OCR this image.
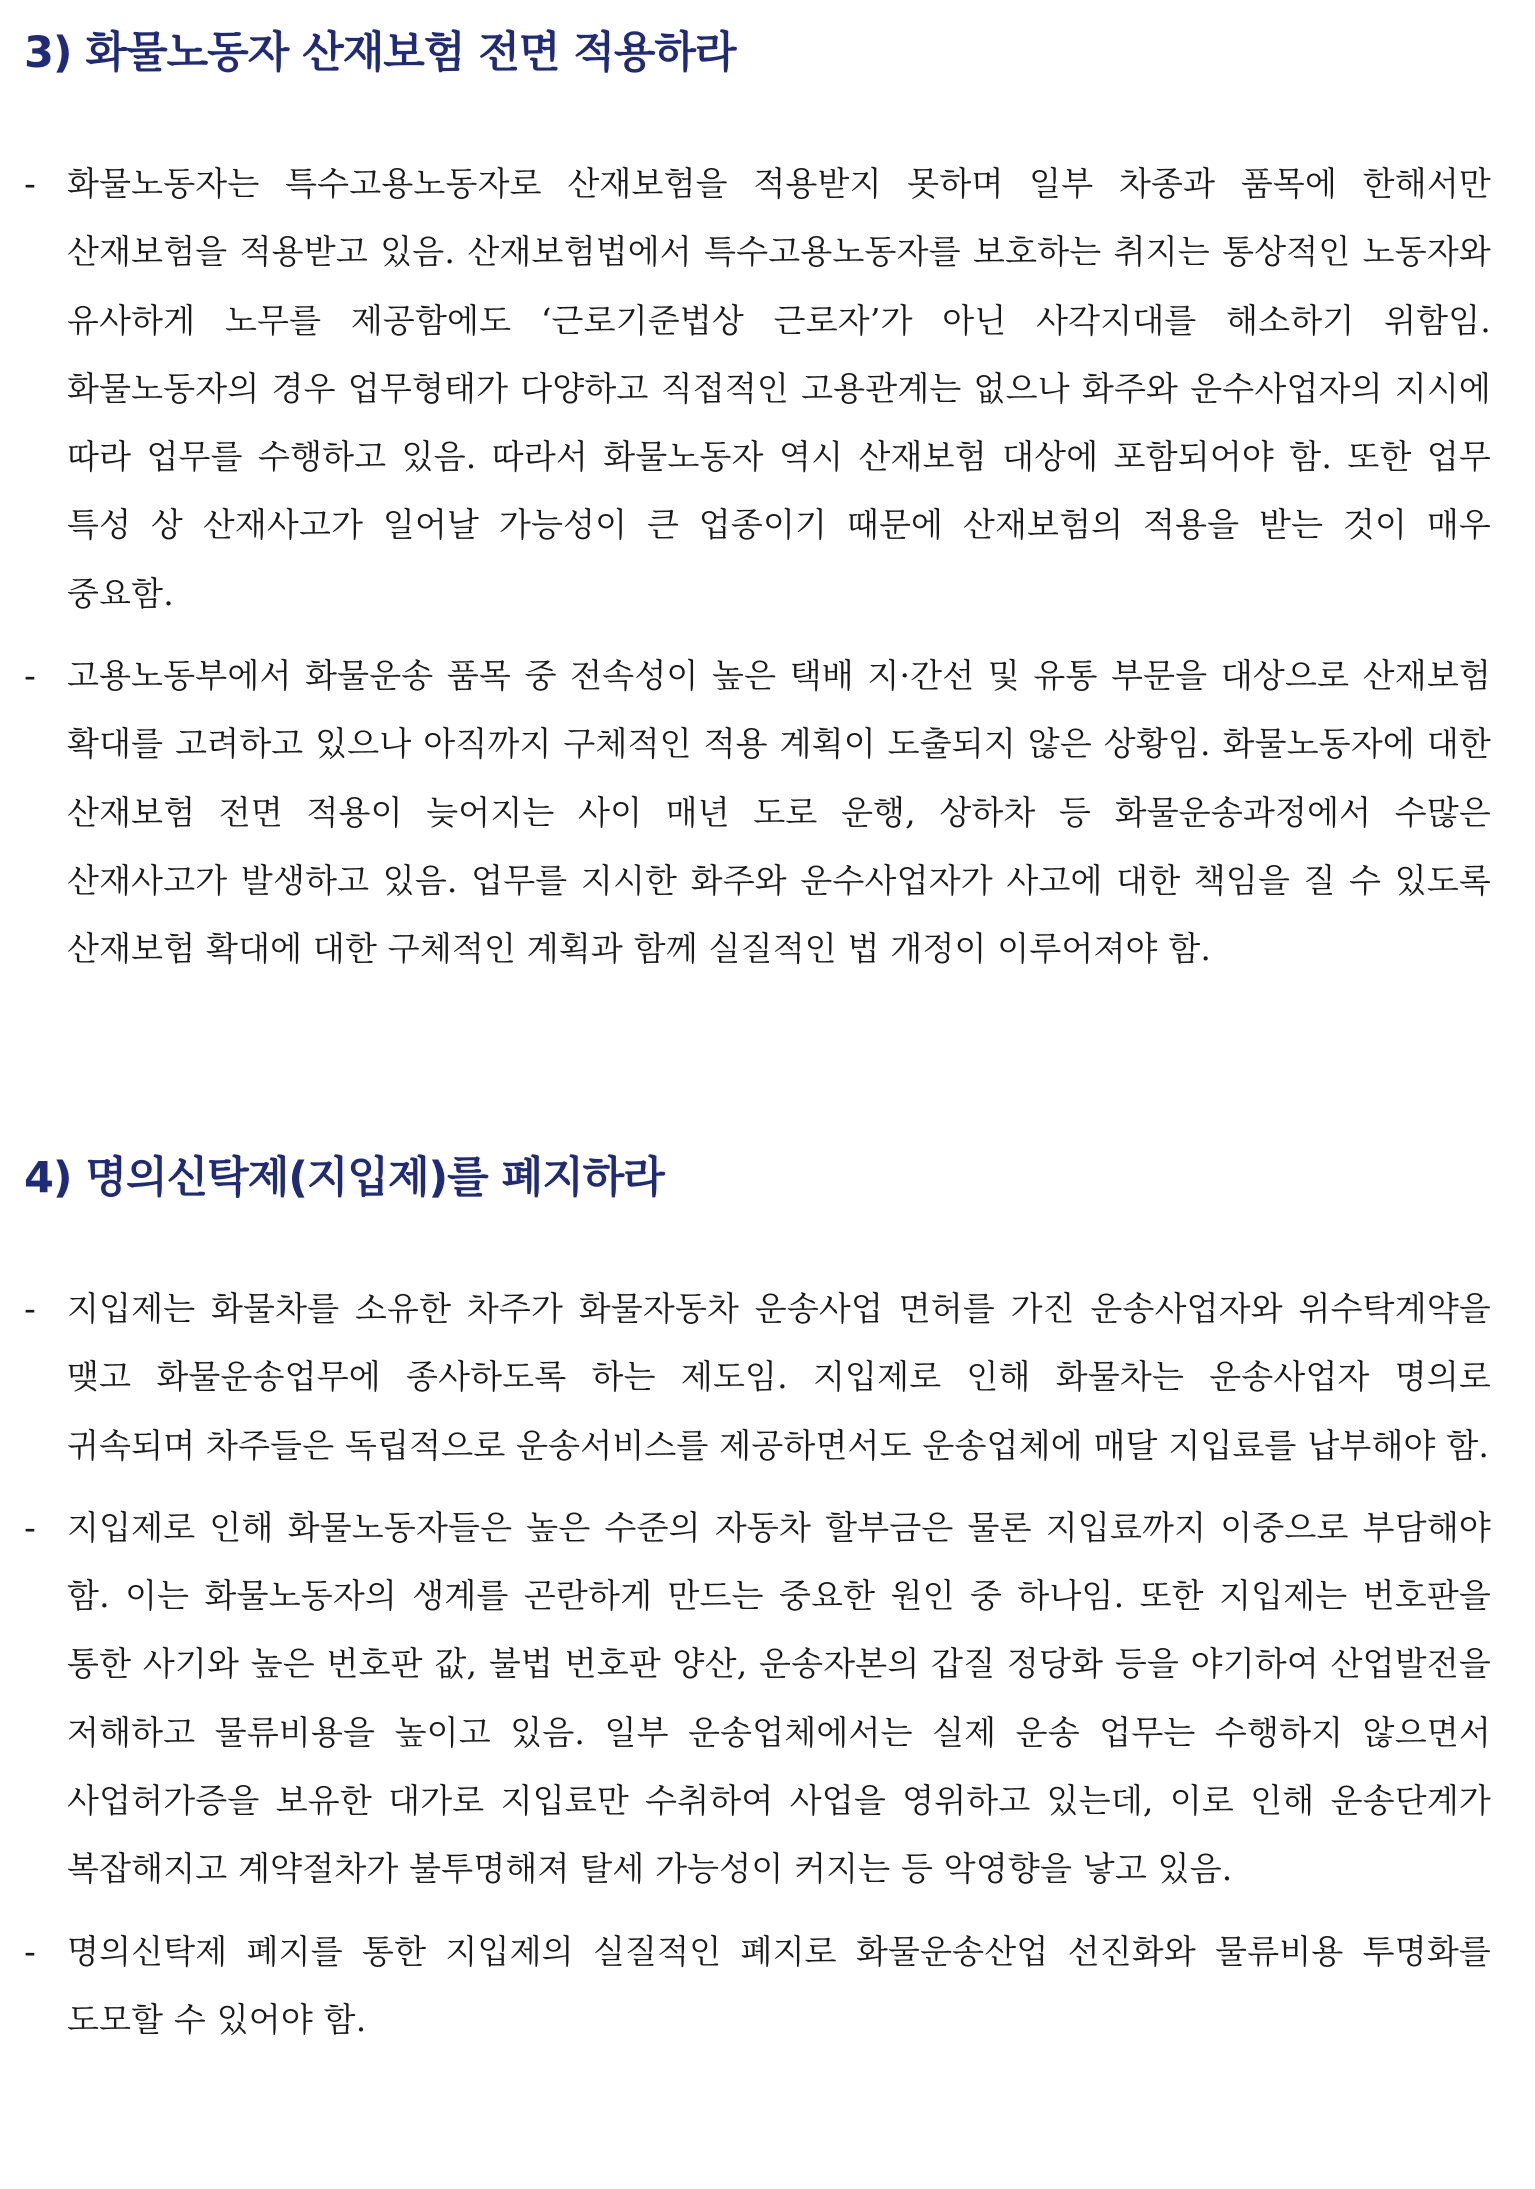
3) 화물노동자 산재보험 전면 적용하라
- 화물노동자는 특수고용노동자로 산재보험을 적용받지 못하며 일부 차종과 품목에 한해서만 산재보험을 적용받고 있음. 산재보험법에서 특수고용노동자를 보호하는 취지는 통상적인 노동자와 유사하게 노무를 제공함에도 ‘근로기준법상 근로자’가 아닌 사각지대를 해소하기 위함임. 화물노동자의 경우 업무형태가 다양하고 직접적인 고용관계는 없으나 화주와 운수사업자의 지시에 따라 업무를 수행하고 있음. 따라서 화물노동자 역시 산재보험 대상에 포함되어야 함. 또한 업무 특성 상 산재사고가 일어날 가능성이 큰 업종이기 때문에 산재보험의 적용을 받는 것이 매우 중요함.
- 고용노동부에서 화물운송 품목 중 전속성이 높은 택배 지·간선 및 유통 부문을 대상으로 산재보험 확대를 고려하고 있으나 아직까지 구체적인 적용 계획이 도출되지 않은 상황임. 화물노동자에 대한 산재보험 전면 적용이 늦어지는 사이 매년 도로 운행, 상하차 등 화물운송과정에서 수많은 산재사고가 발생하고 있음. 업무를 지시한 화주와 운수사업자가 사고에 대한 책임을 질 수 있도록 산재보험 확대에 대한 구체적인 계획과 함께 실질적인 법 개정이 이루어져야 함.
4) 명의신탁제(지입제)를 폐지하라
- 지입제는 화물차를 소유한 차주가 화물자동차 운송사업 면허를 가진 운송사업자와 위수탁계약을 맺고 화물운송업무에 종사하도록 하는 제도임. 지입제로 인해 화물차는 운송사업자 명의로 귀속되며 차주들은 독립적으로 운송서비스를 제공하면서도 운송업체에 매달 지입료를 납부해야 함.
- 지입제로 인해 화물노동자들은 높은 수준의 자동차 할부금은 물론 지입료까지 이중으로 부담해야 함. 이는 화물노동자의 생계를 곤란하게 만드는 중요한 원인 중 하나임. 또한 지입제는 번호판을 통한 사기와 높은 번호판 값, 불법 번호판 양산, 운송자본의 갑질 정당화 등을 야기하여 산업발전을 저해하고 물류비용을 높이고 있음. 일부 운송업체에서는 실제 운송 업무는 수행하지 않으면서 사업허가증을 보유한 대가로 지입료만 수취하여 사업을 영위하고 있는데, 이로 인해 운송단계가 복잡해지고 계약절차가 불투명해져 탈세 가능성이 커지는 등 악영향을 낳고 있음.
- 명의신탁제 폐지를 통한 지입제의 실질적인 폐지로 화물운송산업 선진화와 물류비용 투명화를 도모할 수 있어야 함.
